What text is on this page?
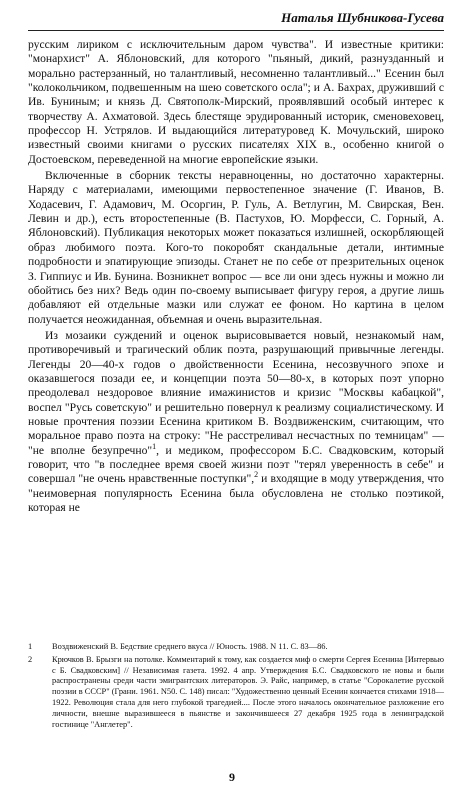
Наталья Шубникова-Гусева

русским лириком с исключительным даром чувства". И известные критики: "монархист" А. Яблоновский, для которого "пьяный, дикий, разнузданный и морально растерзанный, но талантливый, несомненно талантливый..." Есенин был "колокольчиком, подвешенным на шею советского осла"; и А. Бахрах, друживший с Ив. Буниным; и князь Д. Святополк-Мирский, проявлявший особый интерес к творчеству А. Ахматовой. Здесь блестяще эрудированный историк, сменовеховец, профессор Н. Устрялов. И выдающийся литературовед К. Мочульский, широко известный своими книгами о русских писателях XIX в., особенно книгой о Достоевском, переведенной на многие европейские языки.

Включенные в сборник тексты неравноценны, но достаточно характерны. Наряду с материалами, имеющими первостепенное значение (Г. Иванов, В. Ходасевич, Г. Адамович, М. Осоргин, Р. Гуль, А. Ветлугин, М. Свирская, Вен. Левин и др.), есть второстепенные (В. Пастухов, Ю. Морфесси, С. Горный, А. Яблоновский). Публикация некоторых может показаться излишней, оскорбляющей образ любимого поэта. Кого-то покоробят скандальные детали, интимные подробности и эпатирующие эпизоды. Станет не по себе от презрительных оценок З. Гиппиус и Ив. Бунина. Возникнет вопрос — все ли они здесь нужны и можно ли обойтись без них? Ведь один по-своему выписывает фигуру героя, а другие лишь добавляют ей отдельные мазки или служат ее фоном. Но картина в целом получается неожиданная, объемная и очень выразительная.

Из мозаики суждений и оценок вырисовывается новый, незнакомый нам, противоречивый и трагический облик поэта, разрушающий привычные легенды. Легенды 20—40-х годов о двойственности Есенина, несозвучного эпохе и оказавшегося позади ее, и концепции поэта 50—80-х, в которых поэт упорно преодолевал нездоровое влияние имажинистов и кризис "Москвы кабацкой", воспел "Русь советскую" и решительно повернул к реализму социалистическому. И новые прочтения поэзии Есенина критиком В. Воздвиженским, считающим, что моральное право поэта на строку: "Не расстреливал несчастных по темницам" — "не вполне безупречно"$^1$, и медиком, профессором Б.С. Свадковским, который говорит, что "в последнее время своей жизни поэт "терял уверенность в себе" и совершал "не очень нравственные поступки",$^2$ и входящие в моду утверждения, что "неимоверная популярность Есенина была обусловлена не столько поэтикой, которая не

1	Воздвиженский В. Бедствие среднего вкуса // Юность. 1988. N 11. С. 83—86.
2	Крючков В. Брызги на потолке. Комментарий к тому, как создается миф о смерти Сергея Есенина [Интервью с Б. Свадковским] // Независимая газета. 1992. 4 апр. Утверждения Б.С. Свадковского не новы и были распространены среди части эмигрантских литераторов. Э. Райс, например, в статье "Сорокалетие русской поэзии в СССР" (Грани. 1961. N50. С. 148) писал: "Художественно ценный Есенин кончается стихами 1918—1922. Революция стала для него глубокой трагедией.... После этого началось окончательное разложение его личности, внешне выразившееся в пьянстве и закончившееся 27 декабря 1925 года в ленинградской гостинице "Англетер".
9
